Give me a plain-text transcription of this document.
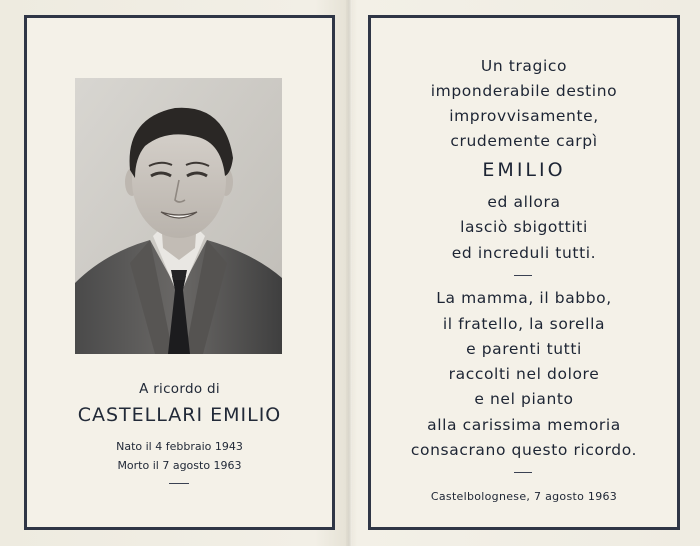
A ricordo di
CASTELLARI EMILIO
Nato il 4 febbraio 1943
Morto il 7 agosto 1963
Un tragico
imponderabile destino
improvvisamente,
crudemente carpì
EMILIO
ed allora
lasciò sbigottiti
ed increduli tutti.
La mamma, il babbo,
il fratello, la sorella
e parenti tutti
raccolti nel dolore
e nel pianto
alla carissima memoria
consacrano questo ricordo.
Castelbolognese, 7 agosto 1963
